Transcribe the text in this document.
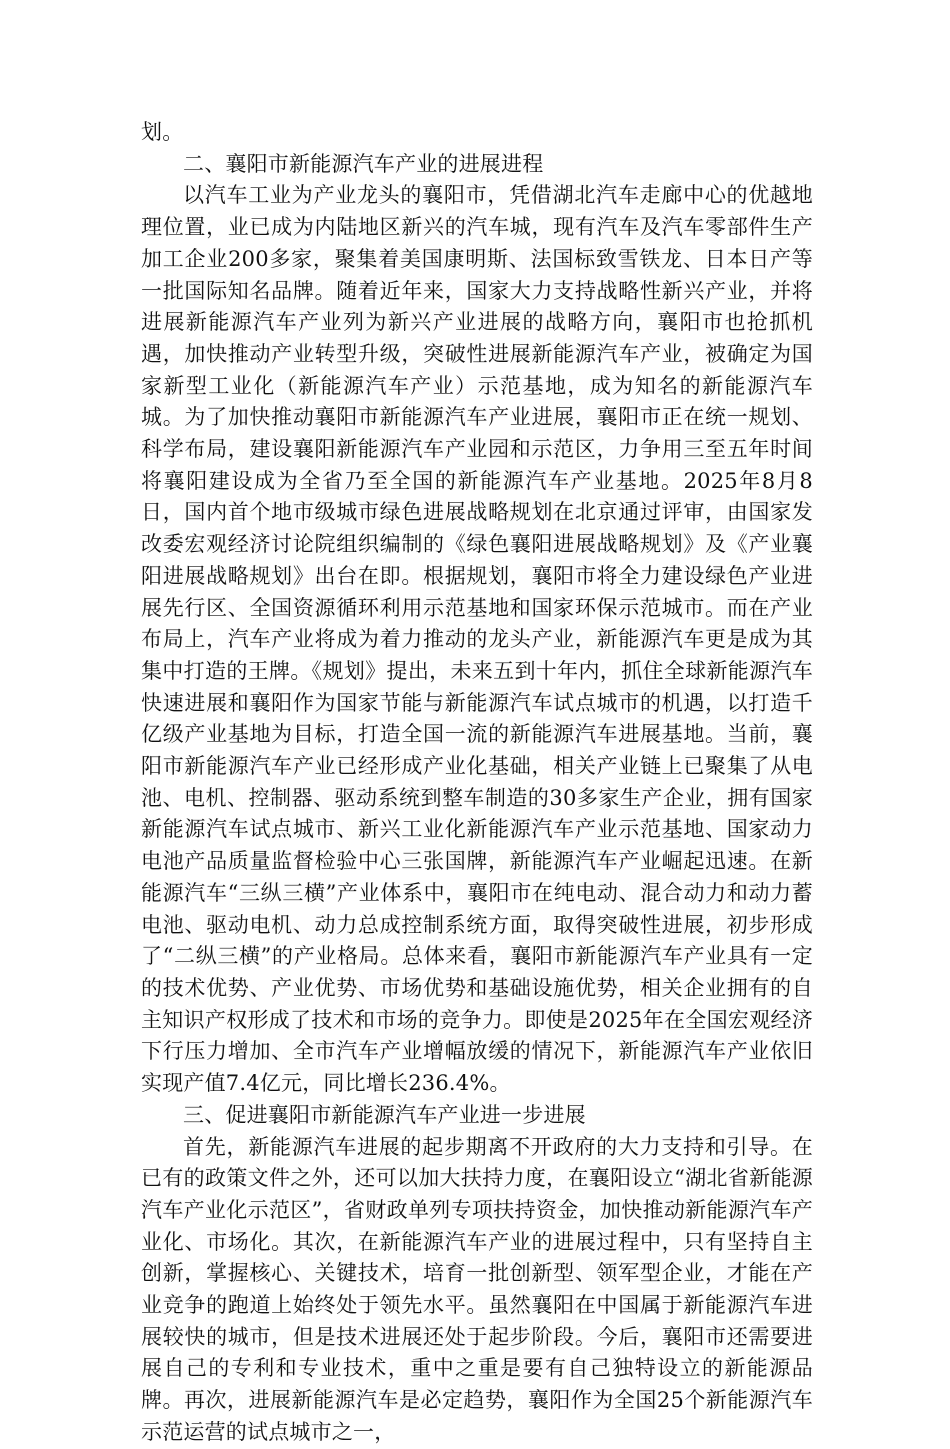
划。

二、襄阳市新能源汽车产业的进展进程

以汽车工业为产业龙头的襄阳市，凭借湖北汽车走廊中心的优越地理位置，业已成为内陆地区新兴的汽车城，现有汽车及汽车零部件生产加工企业200多家，聚集着美国康明斯、法国标致雪铁龙、日本日产等一批国际知名品牌。随着近年来，国家大力支持战略性新兴产业，并将进展新能源汽车产业列为新兴产业进展的战略方向，襄阳市也抢抓机遇，加快推动产业转型升级，突破性进展新能源汽车产业，被确定为国家新型工业化（新能源汽车产业）示范基地，成为知名的新能源汽车城。为了加快推动襄阳市新能源汽车产业进展，襄阳市正在统一规划、科学布局，建设襄阳新能源汽车产业园和示范区，力争用三至五年时间将襄阳建设成为全省乃至全国的新能源汽车产业基地。2025年8月8日，国内首个地市级城市绿色进展战略规划在北京通过评审，由国家发改委宏观经济讨论院组织编制的《绿色襄阳进展战略规划》及《产业襄阳进展战略规划》出台在即。根据规划，襄阳市将全力建设绿色产业进展先行区、全国资源循环利用示范基地和国家环保示范城市。而在产业布局上，汽车产业将成为着力推动的龙头产业，新能源汽车更是成为其集中打造的王牌。《规划》提出，未来五到十年内，抓住全球新能源汽车快速进展和襄阳作为国家节能与新能源汽车试点城市的机遇，以打造千亿级产业基地为目标，打造全国一流的新能源汽车进展基地。当前，襄阳市新能源汽车产业已经形成产业化基础，相关产业链上已聚集了从电池、电机、控制器、驱动系统到整车制造的30多家生产企业，拥有国家新能源汽车试点城市、新兴工业化新能源汽车产业示范基地、国家动力电池产品质量监督检验中心三张国牌，新能源汽车产业崛起迅速。在新能源汽车“三纵三横”产业体系中，襄阳市在纯电动、混合动力和动力蓄电池、驱动电机、动力总成控制系统方面，取得突破性进展，初步形成了“二纵三横”的产业格局。总体来看，襄阳市新能源汽车产业具有一定的技术优势、产业优势、市场优势和基础设施优势，相关企业拥有的自主知识产权形成了技术和市场的竞争力。即使是2025年在全国宏观经济下行压力增加、全市汽车产业增幅放缓的情况下，新能源汽车产业依旧实现产值7.4亿元，同比增长236.4%。

三、促进襄阳市新能源汽车产业进一步进展

首先，新能源汽车进展的起步期离不开政府的大力支持和引导。在已有的政策文件之外，还可以加大扶持力度，在襄阳设立“湖北省新能源汽车产业化示范区”，省财政单列专项扶持资金，加快推动新能源汽车产业化、市场化。其次，在新能源汽车产业的进展过程中，只有坚持自主创新，掌握核心、关键技术，培育一批创新型、领军型企业，才能在产业竞争的跑道上始终处于领先水平。虽然襄阳在中国属于新能源汽车进展较快的城市，但是技术进展还处于起步阶段。今后，襄阳市还需要进展自己的专利和专业技术，重中之重是要有自己独特设立的新能源品牌。再次，进展新能源汽车是必定趋势，襄阳作为全国25个新能源汽车示范运营的试点城市之一，
